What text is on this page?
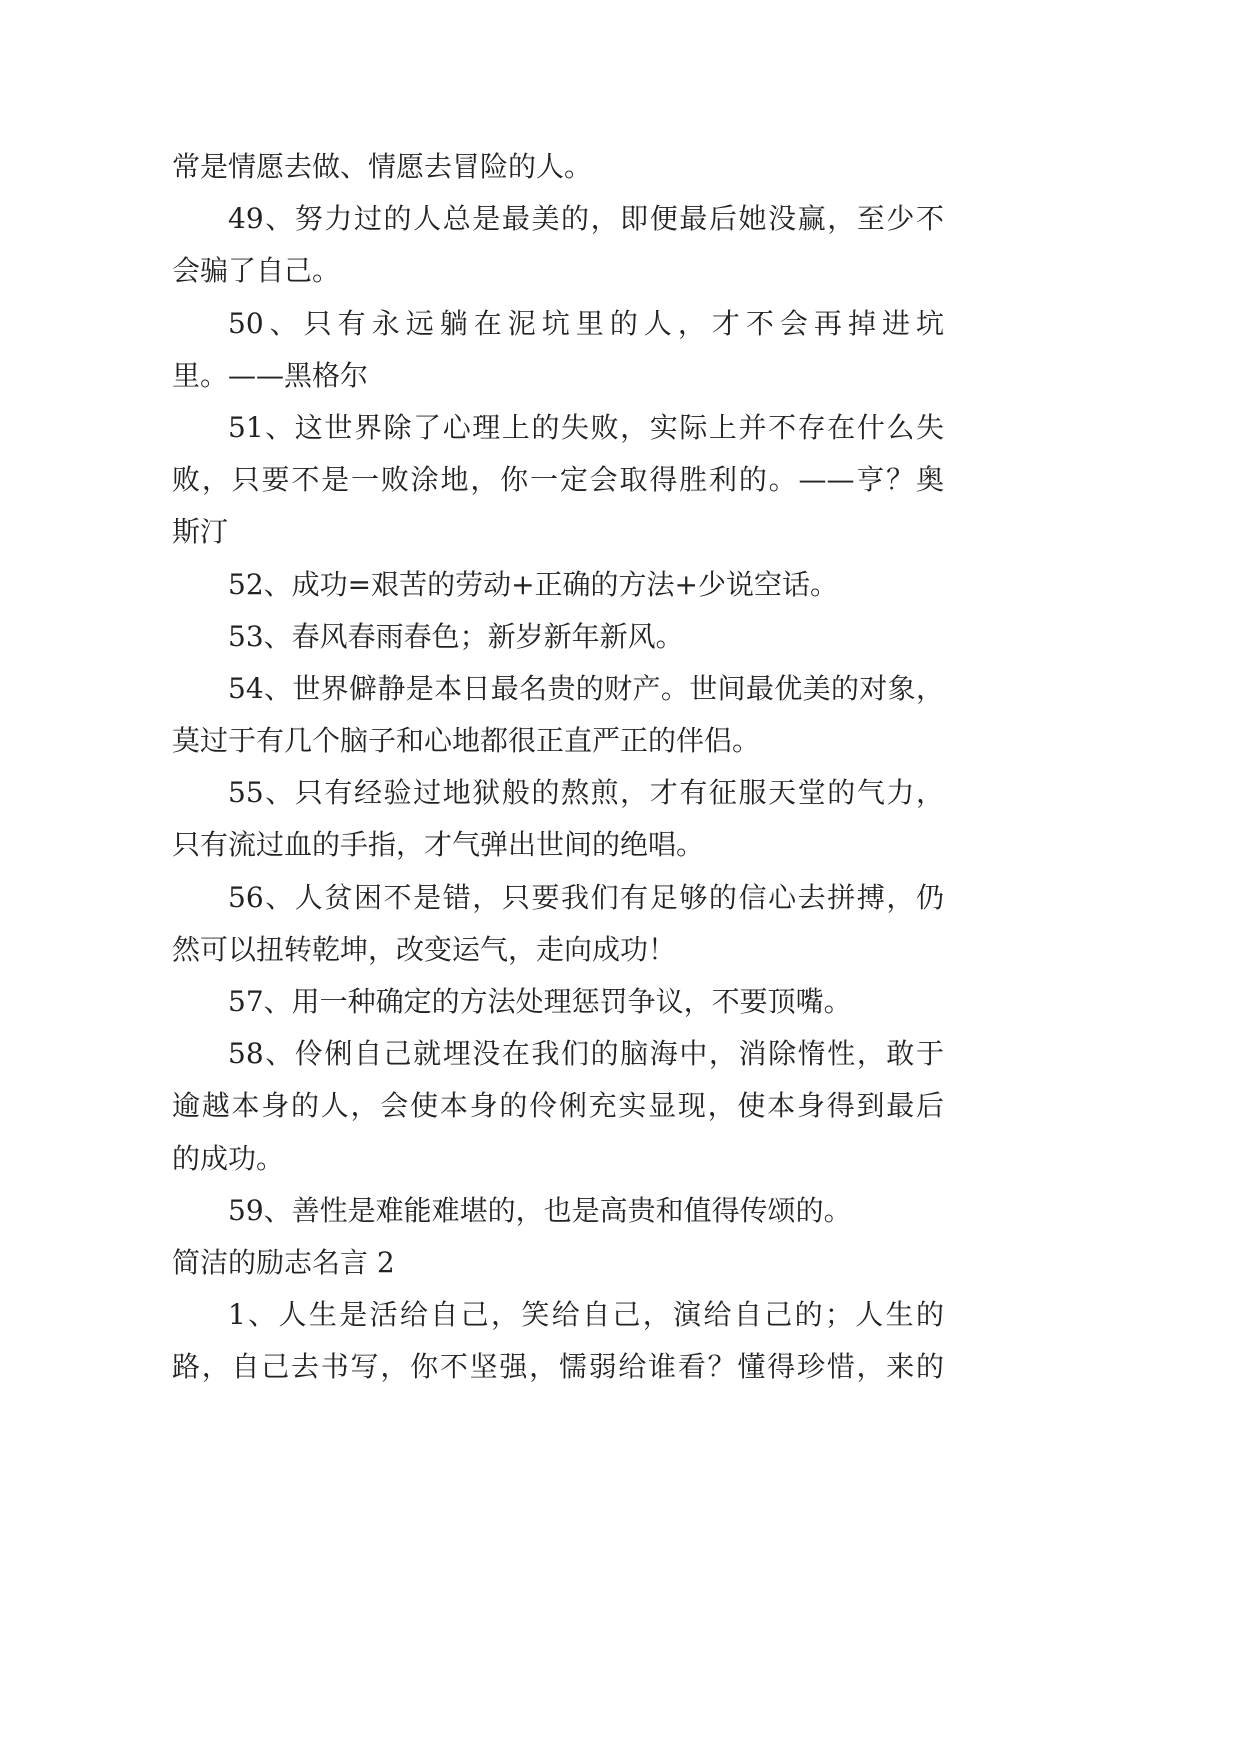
常是情愿去做、情愿去冒险的人。
49、努力过的人总是最美的，即便最后她没赢，至少不
会骗了自己。
50、只有永远躺在泥坑里的人，才不会再掉进坑
里。——黑格尔
51、这世界除了心理上的失败，实际上并不存在什么失
败，只要不是一败涂地，你一定会取得胜利的。——亨？奥
斯汀
52、成功=艰苦的劳动+正确的方法+少说空话。
53、春风春雨春色；新岁新年新风。
54、世界僻静是本日最名贵的财产。世间最优美的对象，
莫过于有几个脑子和心地都很正直严正的伴侣。
55、只有经验过地狱般的熬煎，才有征服天堂的气力，
只有流过血的手指，才气弹出世间的绝唱。
56、人贫困不是错，只要我们有足够的信心去拼搏，仍
然可以扭转乾坤，改变运气，走向成功！
57、用一种确定的方法处理惩罚争议，不要顶嘴。
58、伶俐自己就埋没在我们的脑海中，消除惰性，敢于
逾越本身的人，会使本身的伶俐充实显现，使本身得到最后
的成功。
59、善性是难能难堪的，也是高贵和值得传颂的。
简洁的励志名言 2
1、人生是活给自己，笑给自己，演给自己的；人生的
路，自己去书写，你不坚强，懦弱给谁看？懂得珍惜，来的
